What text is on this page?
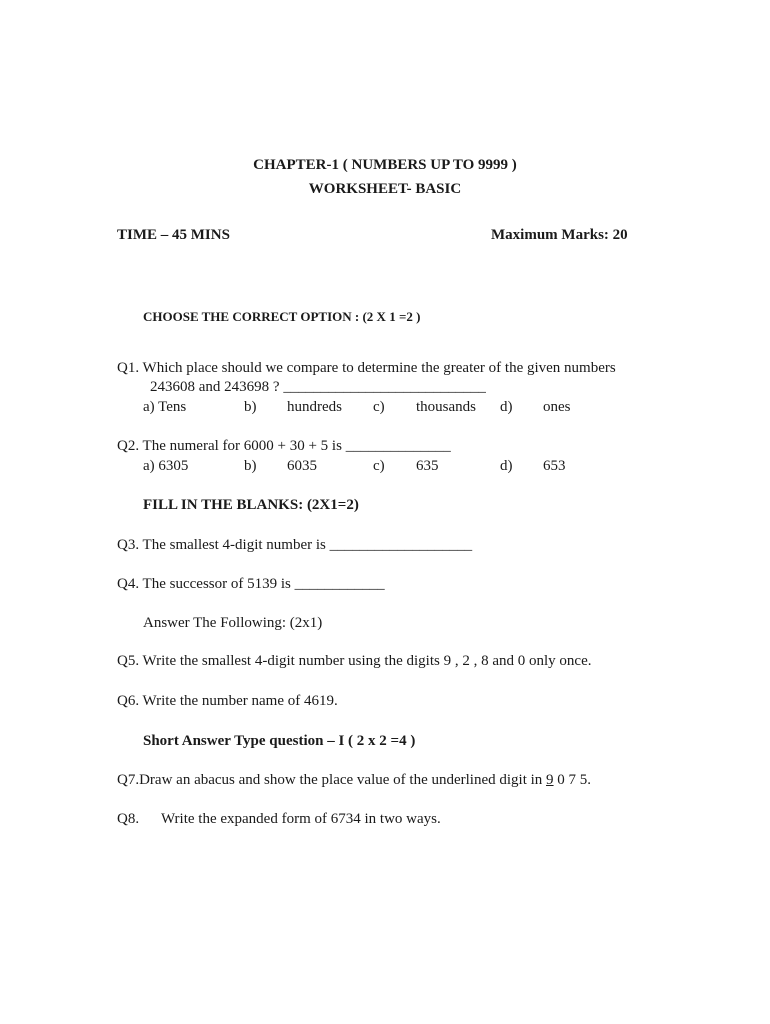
CHAPTER-1 ( NUMBERS UP TO 9999 )
WORKSHEET- BASIC
TIME – 45 MINS	Maximum Marks: 20
CHOOSE THE CORRECT OPTION : (2 X 1 =2 )
Q1. Which place should we compare to determine the greater of the given numbers
243608 and 243698 ? ___________________________
a) Tens	b) hundreds c) thousands d) ones
Q2. The numeral for 6000 + 30 + 5 is ______________
a) 6305	b) 6035	c) 635	d) 653
FILL IN THE BLANKS: (2X1=2)
Q3. The smallest 4-digit number is ___________________
Q4. The successor of 5139 is ____________
Answer The Following: (2x1)
Q5. Write the smallest 4-digit number using the digits 9 , 2 , 8 and 0 only once.
Q6. Write the number name of 4619.
Short Answer Type question – I ( 2 x 2 =4 )
Q7.Draw an abacus and show the place value of the underlined digit in 9 0 7 5.
Q8. Write the expanded form of 6734 in two ways.
